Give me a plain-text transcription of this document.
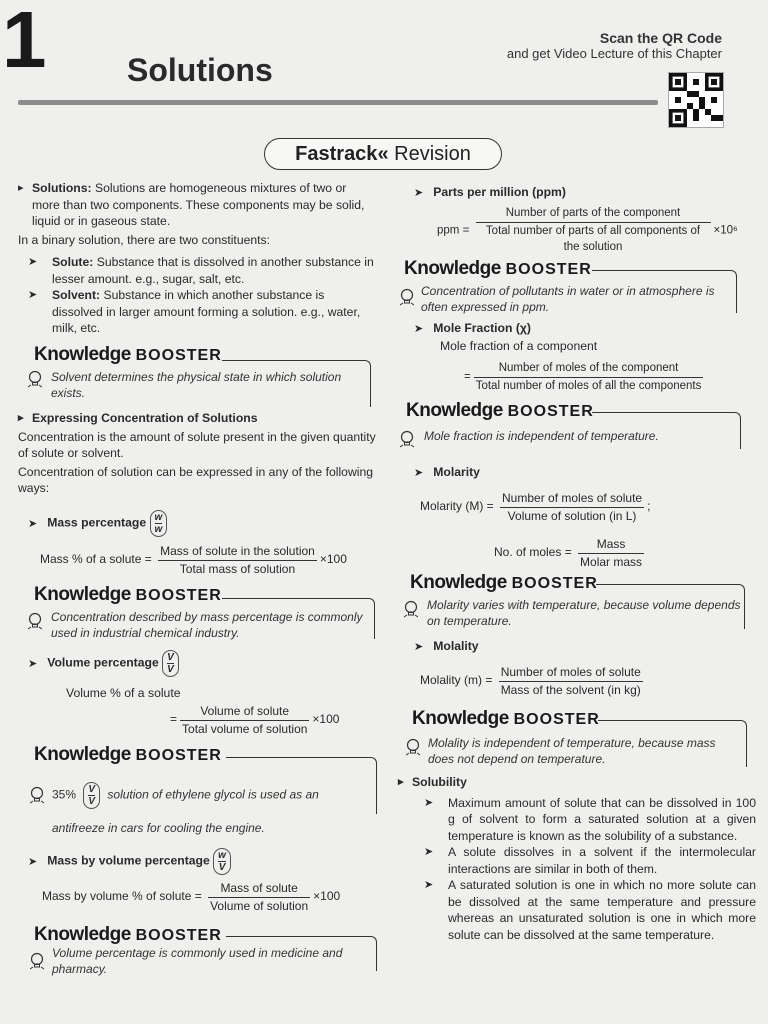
1	Solutions
Scan the QR Code
and get Video Lecture of this Chapter
Fastrack« Revision

▸ Solutions: Solutions are homogeneous mixtures of two or more than two components. These components may be solid, liquid or in gaseous state.

In a binary solution, there are two constituents:

➤ Solute: Substance that is dissolved in another substance in lesser amount. e.g., sugar, salt, etc.

➤ Solvent: Substance in which another substance is dissolved in larger amount forming a solution. e.g., water, milk, etc.

Knowledge BOOSTER
Solvent determines the physical state in which solution exists.

▸ Expressing Concentration of Solutions

Concentration is the amount of solute present in the given quantity of solute or solvent.

Concentration of solution can be expressed in any of the following ways:

➤ Mass percentage $\frac{w}{w}$
Mass % of a solute = $\frac{\text{Mass of solute in the solution}}{\text{Total mass of solution}} \times 100$
Knowledge BOOSTER
Concentration described by mass percentage is commonly used in industrial chemical industry.
➤ Volume percentage $\frac{V}{V}$
Volume % of a solute
= $\frac{\text{Volume of solute}}{\text{Total volume of solution}} \times 100$
Knowledge BOOSTER
$35\% \frac{V}{V}$ solution of ethylene glycol is used as an
antifreeze in cars for cooling the engine.
➤ Mass by volume percentage $\frac{w}{V}$
Mass by volume % of solute = $\frac{\text{Mass of solute}}{\text{Volume of solution}} \times 100$
Knowledge BOOSTER
Volume percentage is commonly used in medicine and pharmacy.
➤ Parts per million (ppm)
ppm = $\frac{\text{Number of parts of the component}}{\text{Total number of parts of all components of the solution}} \times 10^6$
Knowledge BOOSTER
Concentration of pollutants in water or in atmosphere is often expressed in ppm.
➤ Mole Fraction (χ)
Mole fraction of a component
= $\frac{\text{Number of moles of the component}}{\text{Total number of moles of all the components}}$
Knowledge BOOSTER
Mole fraction is independent of temperature.
➤ Molarity
Molarity $(M) = \frac{\text{Number of moles of solute}}{\text{Volume of solution (in L)}}$ ;
No. of moles = $\frac{\text{Mass}}{\text{Molar mass}}$
Knowledge BOOSTER
Molarity varies with temperature, because volume depends on temperature.
➤ Molality
Molality $(m) = \frac{\text{Number of moles of solute}}{\text{Mass of the solvent (in kg)}}$
Knowledge BOOSTER
Molality is independent of temperature, because mass does not depend on temperature.

▸ Solubility

➤ Maximum amount of solute that can be dissolved in 100 g of solvent to form a saturated solution at a given temperature is known as the solubility of a substance.

➤ A solute dissolves in a solvent if the intermolecular interactions are similar in both of them.

➤ A saturated solution is one in which no more solute can be dissolved at the same temperature and pressure whereas an unsaturated solution is one in which more solute can be dissolved at the same temperature.
